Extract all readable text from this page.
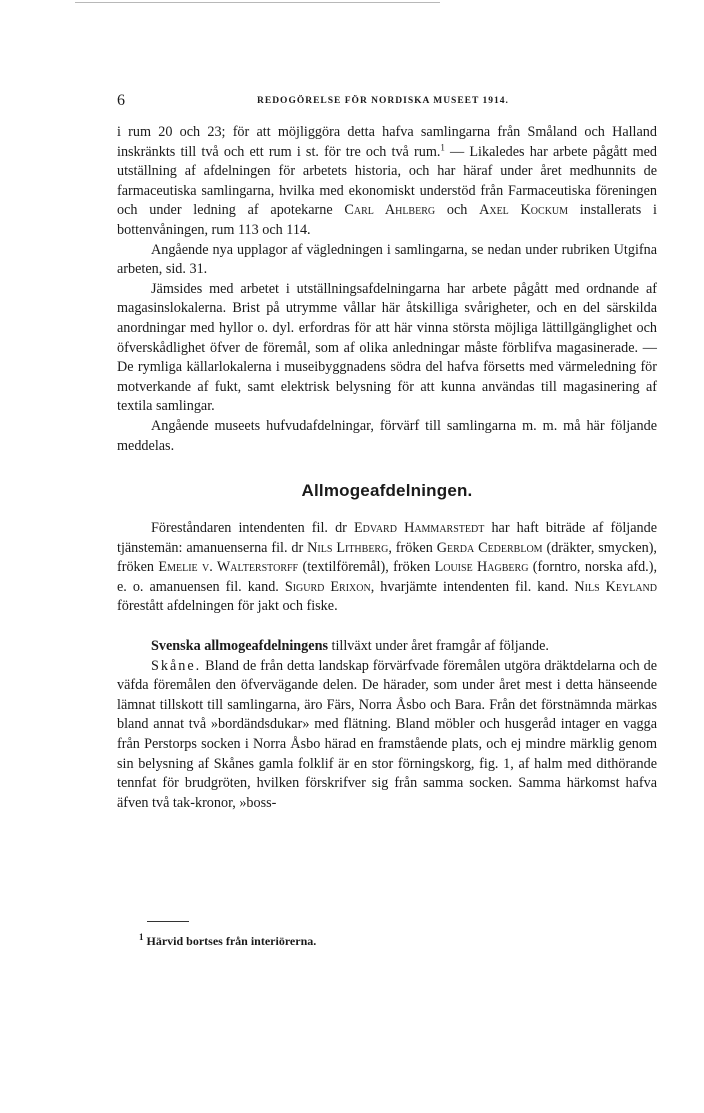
6	REDOGÖRELSE FÖR NORDISKA MUSEET 1914.

i rum 20 och 23; för att möjliggöra detta hafva samlingarna från Småland och Halland inskränkts till två och ett rum i st. för tre och två rum.$^1$ — Likaledes har arbete pågått med utställning af afdelningen för arbetets historia, och har häraf under året medhunnits de farmaceutiska samlingarna, hvilka med ekonomiskt understöd från Farmaceutiska föreningen och under ledning af apotekarne Carl Ahlberg och Axel Kockum installerats i bottenvåningen, rum 113 och 114.

Angående nya upplagor af vägledningen i samlingarna, se nedan under rubriken Utgifna arbeten, sid. 31.

Jämsides med arbetet i utställningsafdelningarna har arbete pågått med ordnande af magasinslokalerna. Brist på utrymme vållar här åtskilliga svårigheter, och en del särskilda anordningar med hyllor o. dyl. erfordras för att här vinna största möjliga lättillgänglighet och öfverskådlighet öfver de föremål, som af olika anledningar måste förblifva magasinerade. — De rymliga källarlokalerna i museibyggnadens södra del hafva försetts med värmeledning för motverkande af fukt, samt elektrisk belysning för att kunna användas till magasinering af textila samlingar.

Angående museets hufvudafdelningar, förvärf till samlingarna m. m. må här följande meddelas.

Allmogeafdelningen.

Föreståndaren intendenten fil. dr Edvard Hammarstedt har haft biträde af följande tjänstemän: amanuenserna fil. dr Nils Lithberg, fröken Gerda Cederblom (dräkter, smycken), fröken Emelie v. Walterstorff (textilföremål), fröken Louise Hagberg (forntro, norska afd.), e. o. amanuensen fil. kand. Sigurd Erixon, hvarjämte intendenten fil. kand. Nils Keyland förestått afdelningen för jakt och fiske.

Svenska allmogeafdelningens tillväxt under året framgår af följande.

Skåne. Bland de från detta landskap förvärfvade föremålen utgöra dräktdelarna och de väfda föremålen den öfvervägande delen. De härader, som under året mest i detta hänseende lämnat tillskott till samlingarna, äro Färs, Norra Åsbo och Bara. Från det förstnämnda märkas bland annat två »bordändsdukar» med flätning. Bland möbler och husgeråd intager en vagga från Perstorps socken i Norra Åsbo härad en framstående plats, och ej mindre märklig genom sin belysning af Skånes gamla folklif är en stor förningskorg, fig. 1, af halm med dithörande tennfat för brudgröten, hvilken förskrifver sig från samma socken. Samma härkomst hafva äfven två tak-kronor, »boss-

$^1$ Härvid bortses från interiörerna.
